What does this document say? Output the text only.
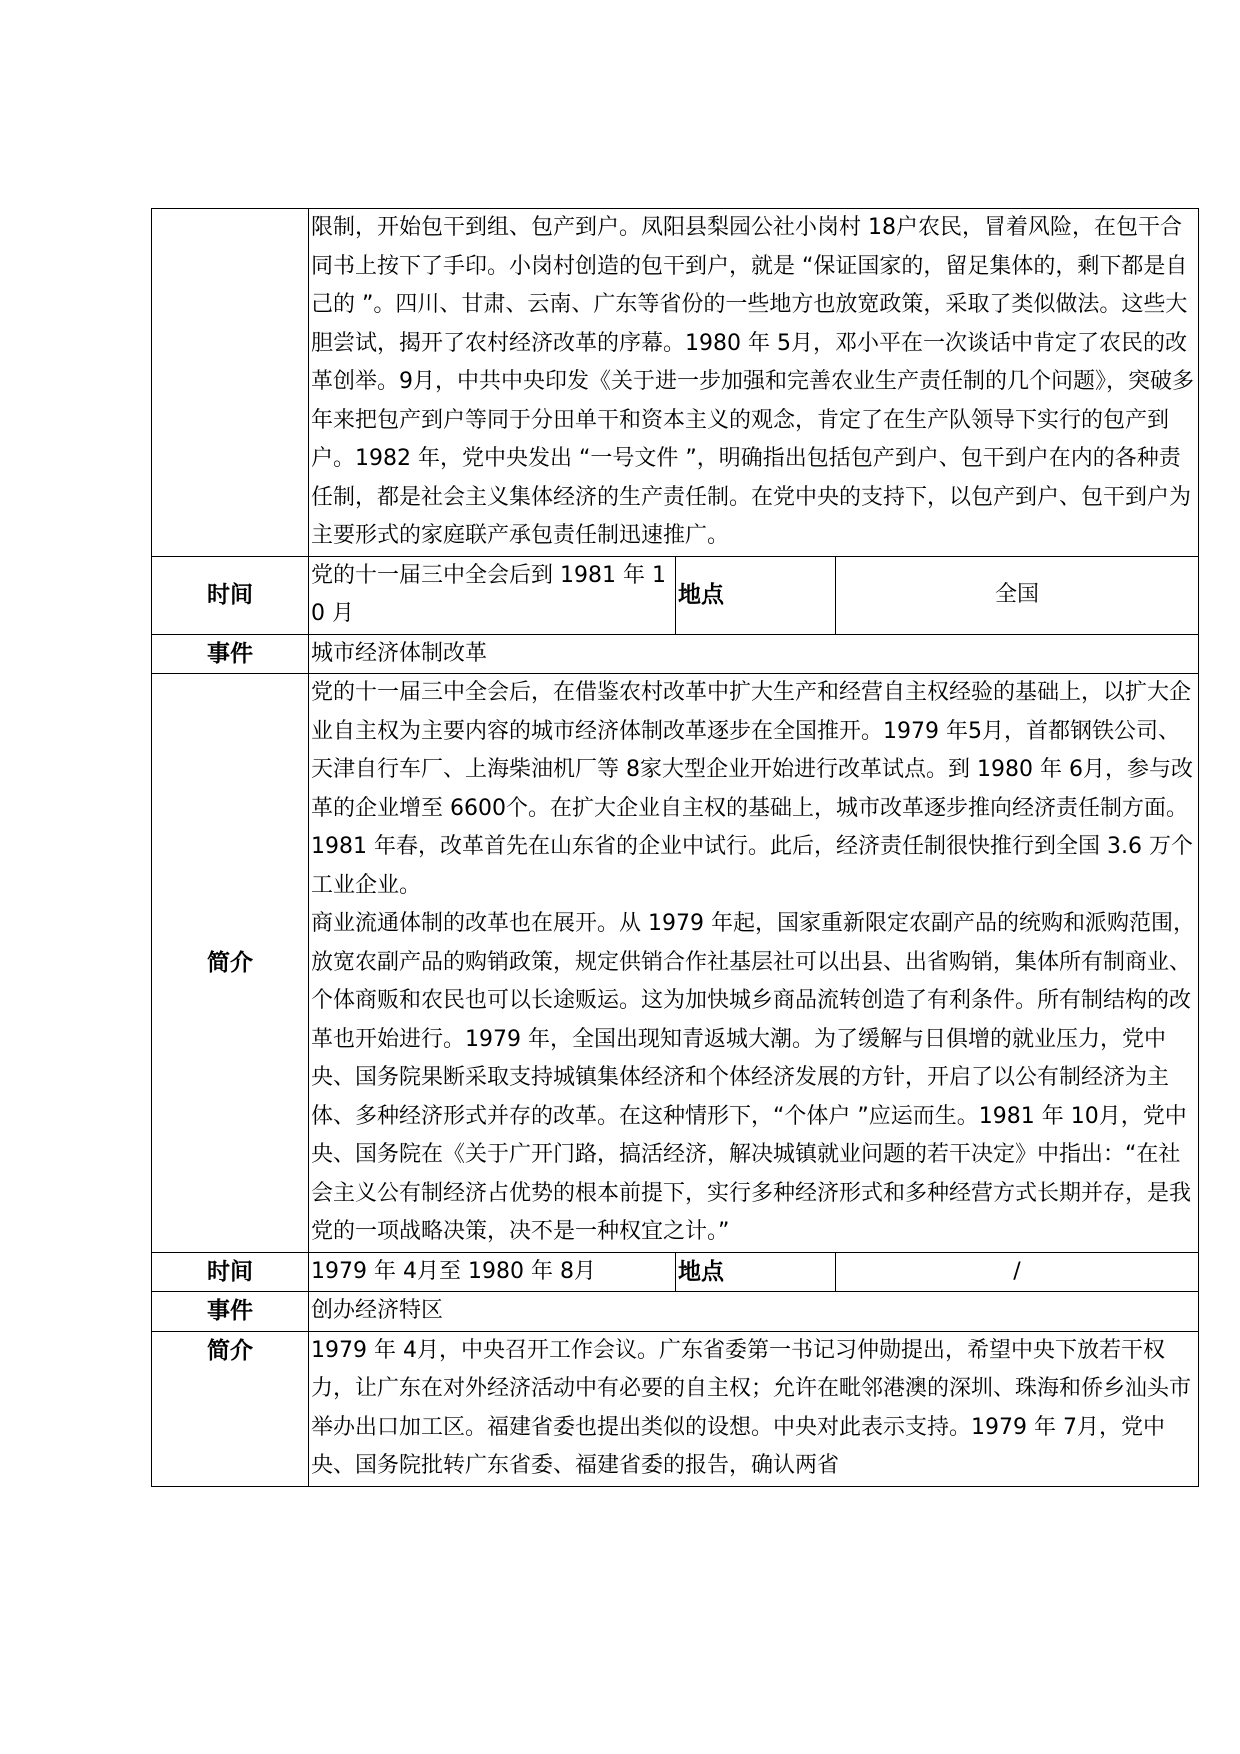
	限制，开始包干到组、包产到户。凤阳县梨园公社小岗村 18户农民，冒着风险，在包干合同书上按下了手印。小岗村创造的包干到户，就是 “保证国家的，留足集体的，剩下都是自己的 ”。四川、甘肃、云南、广东等省份的一些地方也放宽政策，采取了类似做法。这些大胆尝试，揭开了农村经济改革的序幕。1980 年 5月，邓小平在一次谈话中肯定了农民的改革创举。9月，中共中央印发《关于进一步加强和完善农业生产责任制的几个问题》，突破多年来把包产到户等同于分田单干和资本主义的观念，肯定了在生产队领导下实行的包产到户。1982 年，党中央发出 “一号文件 ”，明确指出包括包产到户、包干到户在内的各种责任制，都是社会主义集体经济的生产责任制。在党中央的支持下，以包产到户、包干到户为主要形式的家庭联产承包责任制迅速推广。		

时间	党的十一届三中全会后到 1981 年 10 月	地点	全国
事件	城市经济体制改革		
简介	党的十一届三中全会后，在借鉴农村改革中扩大生产和经营自主权经验的基础上，以扩大企业自主权为主要内容的城市经济体制改革逐步在全国推开。1979 年5月，首都钢铁公司、天津自行车厂、上海柴油机厂等 8家大型企业开始进行改革试点。到 1980 年 6月，参与改革的企业增至 6600个。在扩大企业自主权的基础上，城市改革逐步推向经济责任制方面。1981 年春，改革首先在山东省的企业中试行。此后，经济责任制很快推行到全国 3.6 万个工业企业。

商业流通体制的改革也在展开。从 1979 年起，国家重新限定农副产品的统购和派购范围，放宽农副产品的购销政策，规定供销合作社基层社可以出县、出省购销，集体所有制商业、个体商贩和农民也可以长途贩运。这为加快城乡商品流转创造了有利条件。所有制结构的改革也开始进行。1979 年，全国出现知青返城大潮。为了缓解与日俱增的就业压力，党中央、国务院果断采取支持城镇集体经济和个体经济发展的方针，开启了以公有制经济为主体、多种经济形式并存的改革。在这种情形下，“个体户 ”应运而生。1981 年 10月，党中央、国务院在《关于广开门路，搞活经济，解决城镇就业问题的若干决定》中指出：“在社会主义公有制经济占优势的根本前提下，实行多种经济形式和多种经营方式长期并存，是我党的一项战略决策，决不是一种权宜之计。”		

时间	1979 年 4月至 1980 年 8月	地点	/
事件	创办经济特区		
简介	1979 年 4月，中央召开工作会议。广东省委第一书记习仲勋提出，希望中央下放若干权力，让广东在对外经济活动中有必要的自主权；允许在毗邻港澳的深圳、珠海和侨乡汕头市举办出口加工区。福建省委也提出类似的设想。中央对此表示支持。1979 年 7月，党中央、国务院批转广东省委、福建省委的报告，确认两省		
